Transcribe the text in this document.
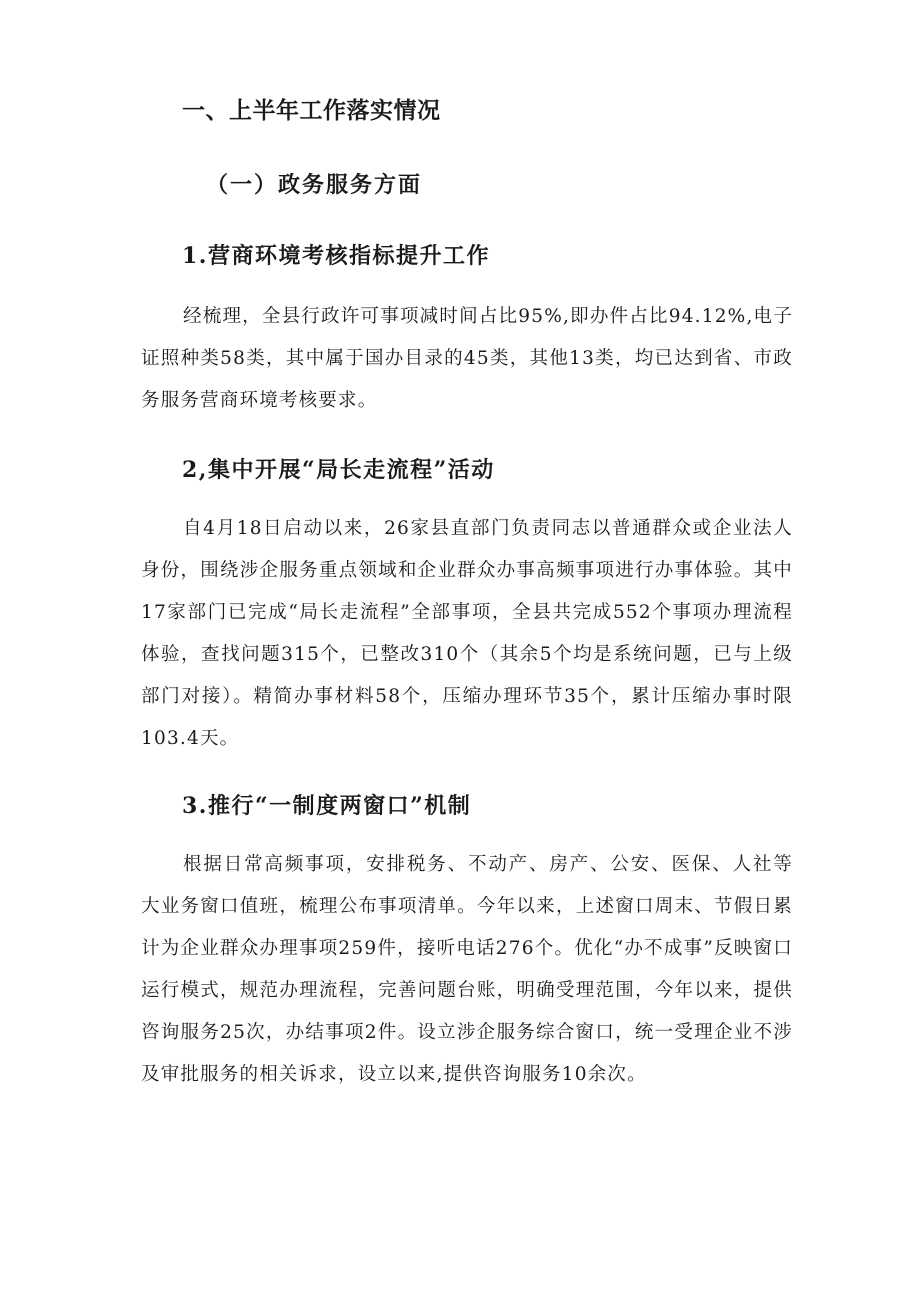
一、上半年工作落实情况
（一）政务服务方面
1.营商环境考核指标提升工作

经梳理，全县行政许可事项减时间占比95%,即办件占比94.12%,电子证照种类58类，其中属于国办目录的45类，其他13类，均已达到省、市政务服务营商环境考核要求。

2,集中开展“局长走流程”活动

自4月18日启动以来，26家县直部门负责同志以普通群众或企业法人身份，围绕涉企服务重点领域和企业群众办事高频事项进行办事体验。其中17家部门已完成“局长走流程”全部事项，全县共完成552个事项办理流程体验，查找问题315个，已整改310个（其余5个均是系统问题，已与上级部门对接）。精简办事材料58个，压缩办理环节35个，累计压缩办事时限103.4天。

3.推行“一制度两窗口”机制

根据日常高频事项，安排税务、不动产、房产、公安、医保、人社等大业务窗口值班，梳理公布事项清单。今年以来，上述窗口周末、节假日累计为企业群众办理事项259件，接听电话276个。优化“办不成事”反映窗口运行模式，规范办理流程，完善问题台账，明确受理范围，今年以来，提供咨询服务25次，办结事项2件。设立涉企服务综合窗口，统一受理企业不涉及审批服务的相关诉求，设立以来,提供咨询服务10余次。
